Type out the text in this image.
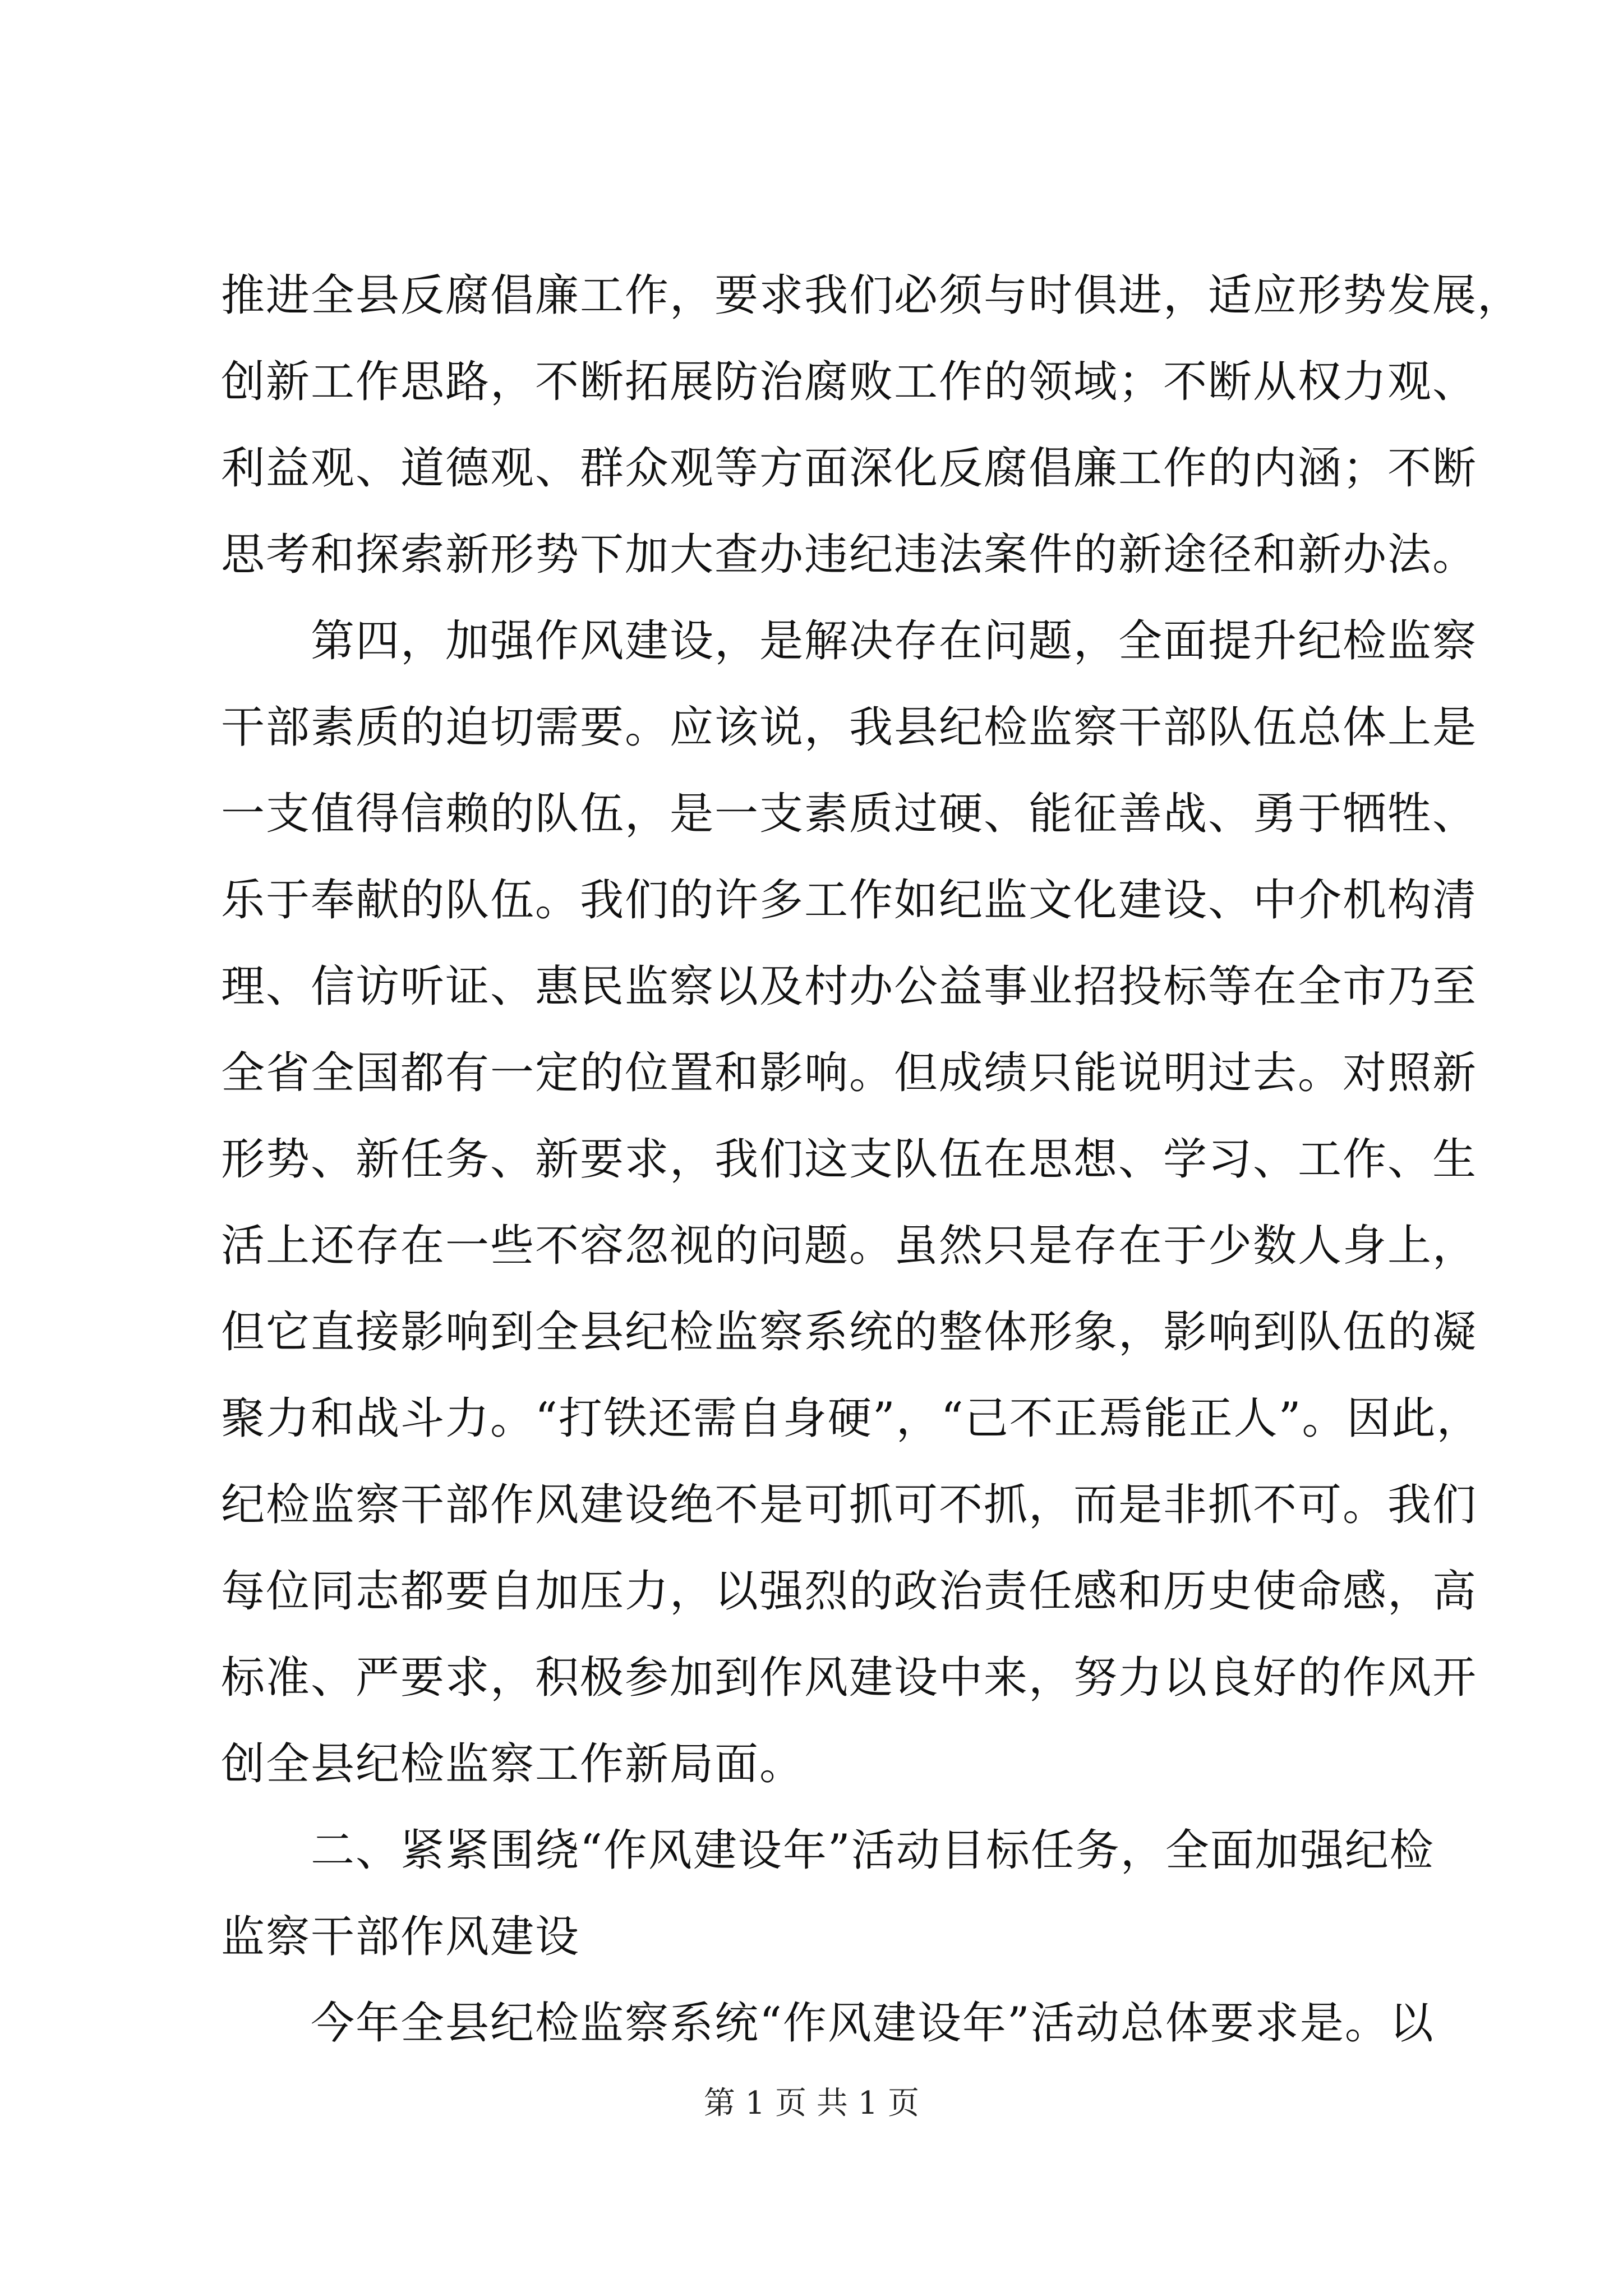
推进全县反腐倡廉工作，要求我们必须与时俱进，适应形势发展，

创新工作思路，不断拓展防治腐败工作的领域；不断从权力观、

利益观、道德观、群众观等方面深化反腐倡廉工作的内涵；不断

思考和探索新形势下加大查办违纪违法案件的新途径和新办法。

第四，加强作风建设，是解决存在问题，全面提升纪检监察

干部素质的迫切需要。应该说，我县纪检监察干部队伍总体上是

一支值得信赖的队伍，是一支素质过硬、能征善战、勇于牺牲、

乐于奉献的队伍。我们的许多工作如纪监文化建设、中介机构清

理、信访听证、惠民监察以及村办公益事业招投标等在全市乃至

全省全国都有一定的位置和影响。但成绩只能说明过去。对照新

形势、新任务、新要求，我们这支队伍在思想、学习、工作、生

活上还存在一些不容忽视的问题。虽然只是存在于少数人身上，

但它直接影响到全县纪检监察系统的整体形象，影响到队伍的凝

聚力和战斗力。“打铁还需自身硬”，“己不正焉能正人”。因此，

纪检监察干部作风建设绝不是可抓可不抓，而是非抓不可。我们

每位同志都要自加压力，以强烈的政治责任感和历史使命感，高

标准、严要求，积极参加到作风建设中来，努力以良好的作风开

创全县纪检监察工作新局面。

二、紧紧围绕“作风建设年”活动目标任务，全面加强纪检

监察干部作风建设

今年全县纪检监察系统“作风建设年”活动总体要求是。以

第 1 页 共 1 页
